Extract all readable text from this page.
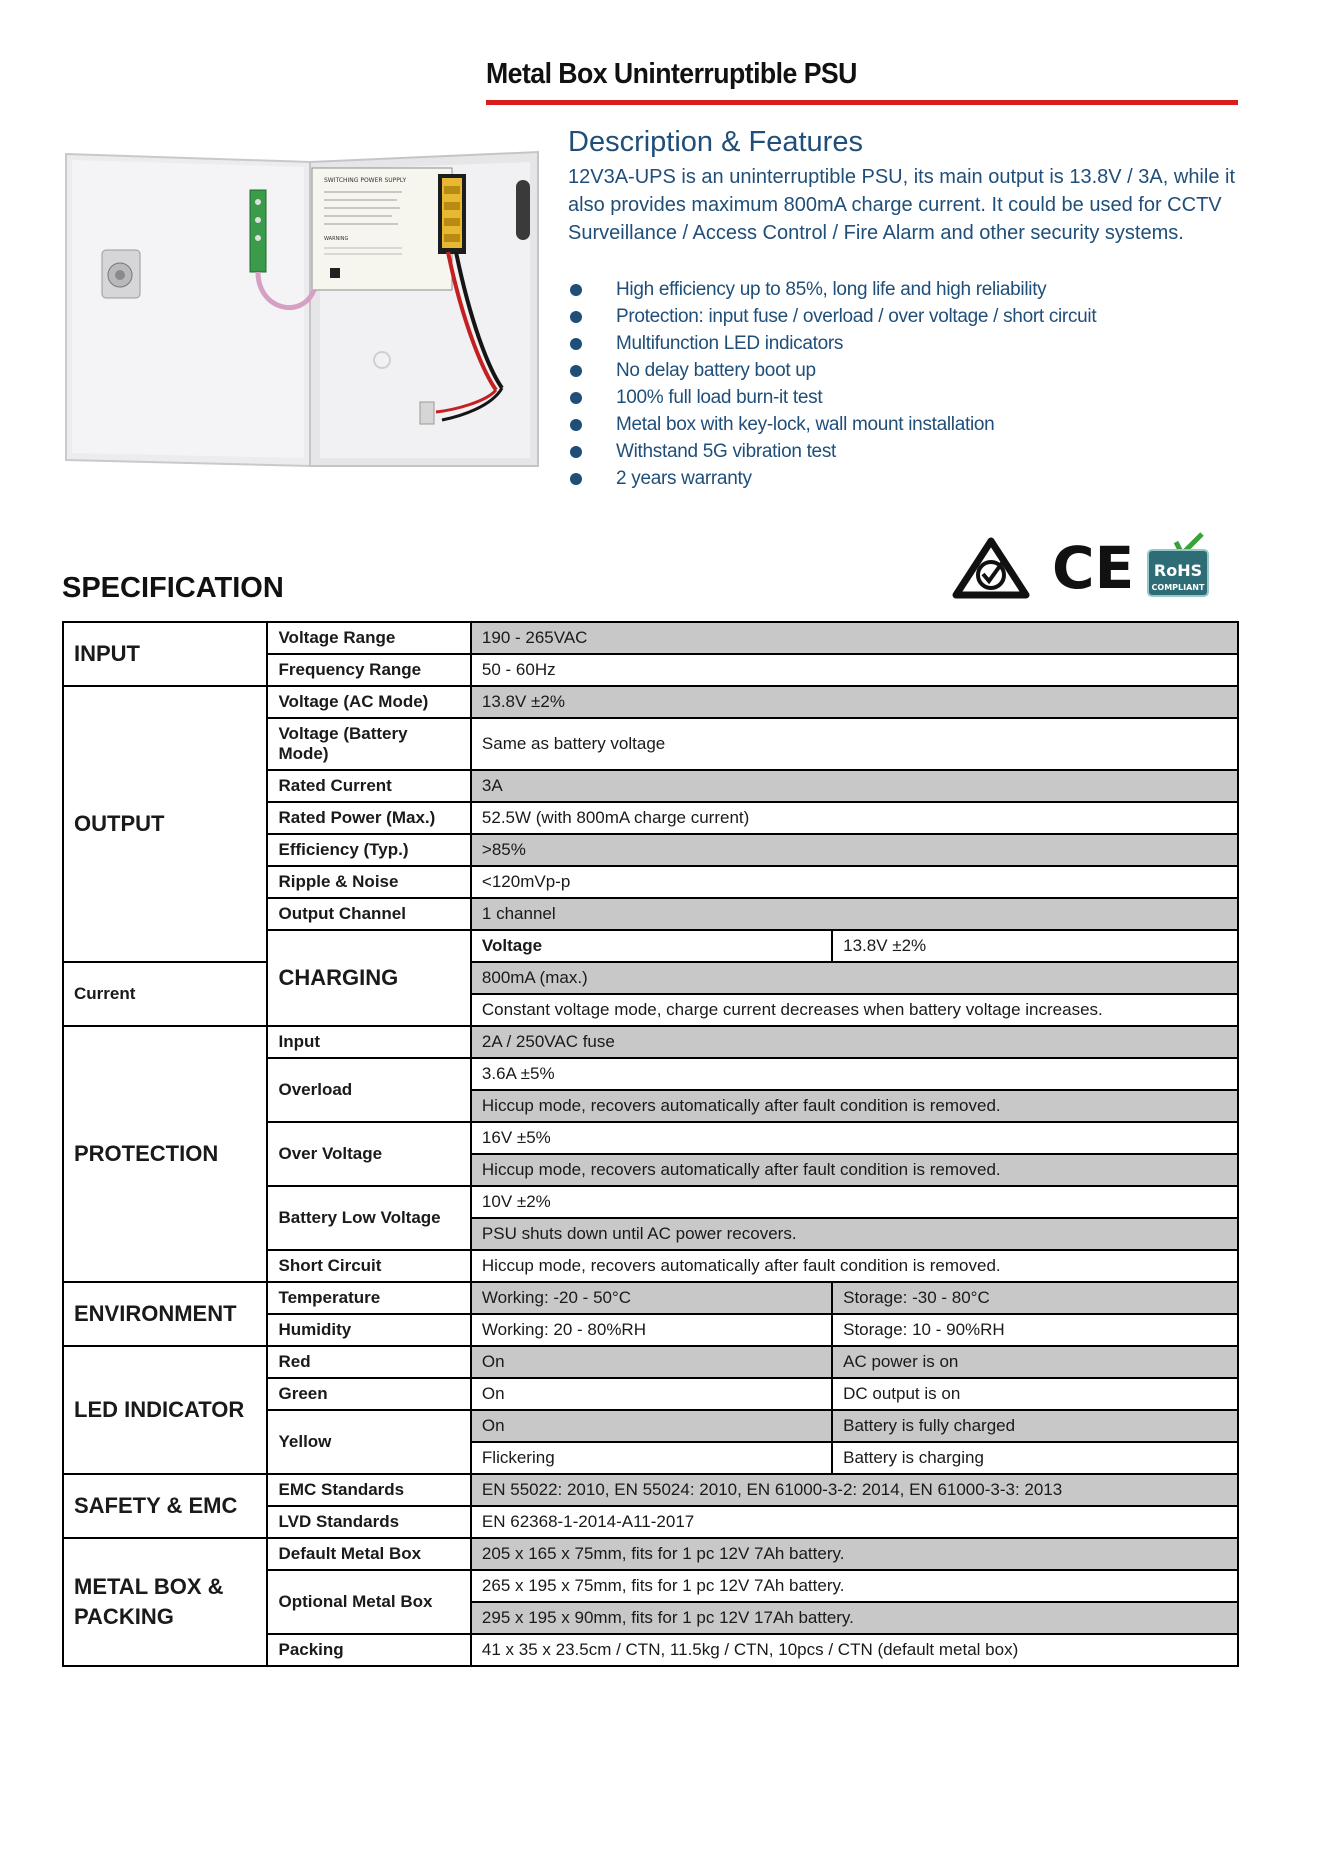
Metal Box Uninterruptible PSU
SWITCHING POWER SUPPLY
WARNING
Description & Features
12V3A-UPS is an uninterruptible PSU, its main output is 13.8V / 3A, while it also provides maximum 800mA charge current. It could be used for CCTV Surveillance / Access Control / Fire Alarm and other security systems.
High efficiency up to 85%, long life and high reliability
Protection: input fuse / overload / over voltage / short circuit
Multifunction LED indicators
No delay battery boot up
100% full load burn-it test
Metal box with key-lock, wall mount installation
Withstand 5G vibration test
2 years warranty
SPECIFICATION	CE RoHS
COMPLIANT
INPUT	Voltage Range	190 - 265VAC	
	Frequency Range	50 - 60Hz	
OUTPUT	Voltage (AC Mode)	13.8V ±2%	
	Voltage (Battery Mode)	Same as battery voltage	
	Rated Current	3A	
	Rated Power (Max.)	52.5W (with 800mA charge current)	
	Efficiency (Typ.)	>85%	
	Ripple & Noise	<120mVp-p	
	Output Channel	1 channel	
	CHARGING	Voltage	13.8V ±2%
Current		800mA (max.)	
		Constant voltage mode, charge current decreases when battery voltage increases.	
PROTECTION	Input	2A / 250VAC fuse	
	Overload	3.6A ±5%	
		Hiccup mode, recovers automatically after fault condition is removed.	
	Over Voltage	16V ±5%	
		Hiccup mode, recovers automatically after fault condition is removed.	
	Battery Low Voltage	10V ±2%	
		PSU shuts down until AC power recovers.	
	Short Circuit	Hiccup mode, recovers automatically after fault condition is removed.	
ENVIRONMENT	Temperature	Working: -20 - 50°C	Storage: -30 - 80°C
	Humidity	Working: 20 - 80%RH	Storage: 10 - 90%RH
LED INDICATOR	Red	On	AC power is on
	Green	On	DC output is on
	Yellow	On	Battery is fully charged
		Flickering	Battery is charging
SAFETY & EMC	EMC Standards	EN 55022: 2010, EN 55024: 2010, EN 61000-3-2: 2014, EN 61000-3-3: 2013	
	LVD Standards	EN 62368-1-2014-A11-2017	
METAL BOX & PACKING	Default Metal Box	205 x 165 x 75mm, fits for 1 pc 12V 7Ah battery.	
	Optional Metal Box	265 x 195 x 75mm, fits for 1 pc 12V 7Ah battery.	
		295 x 195 x 90mm, fits for 1 pc 12V 17Ah battery.	
	Packing	41 x 35 x 23.5cm / CTN, 11.5kg / CTN, 10pcs / CTN (default metal box)	
